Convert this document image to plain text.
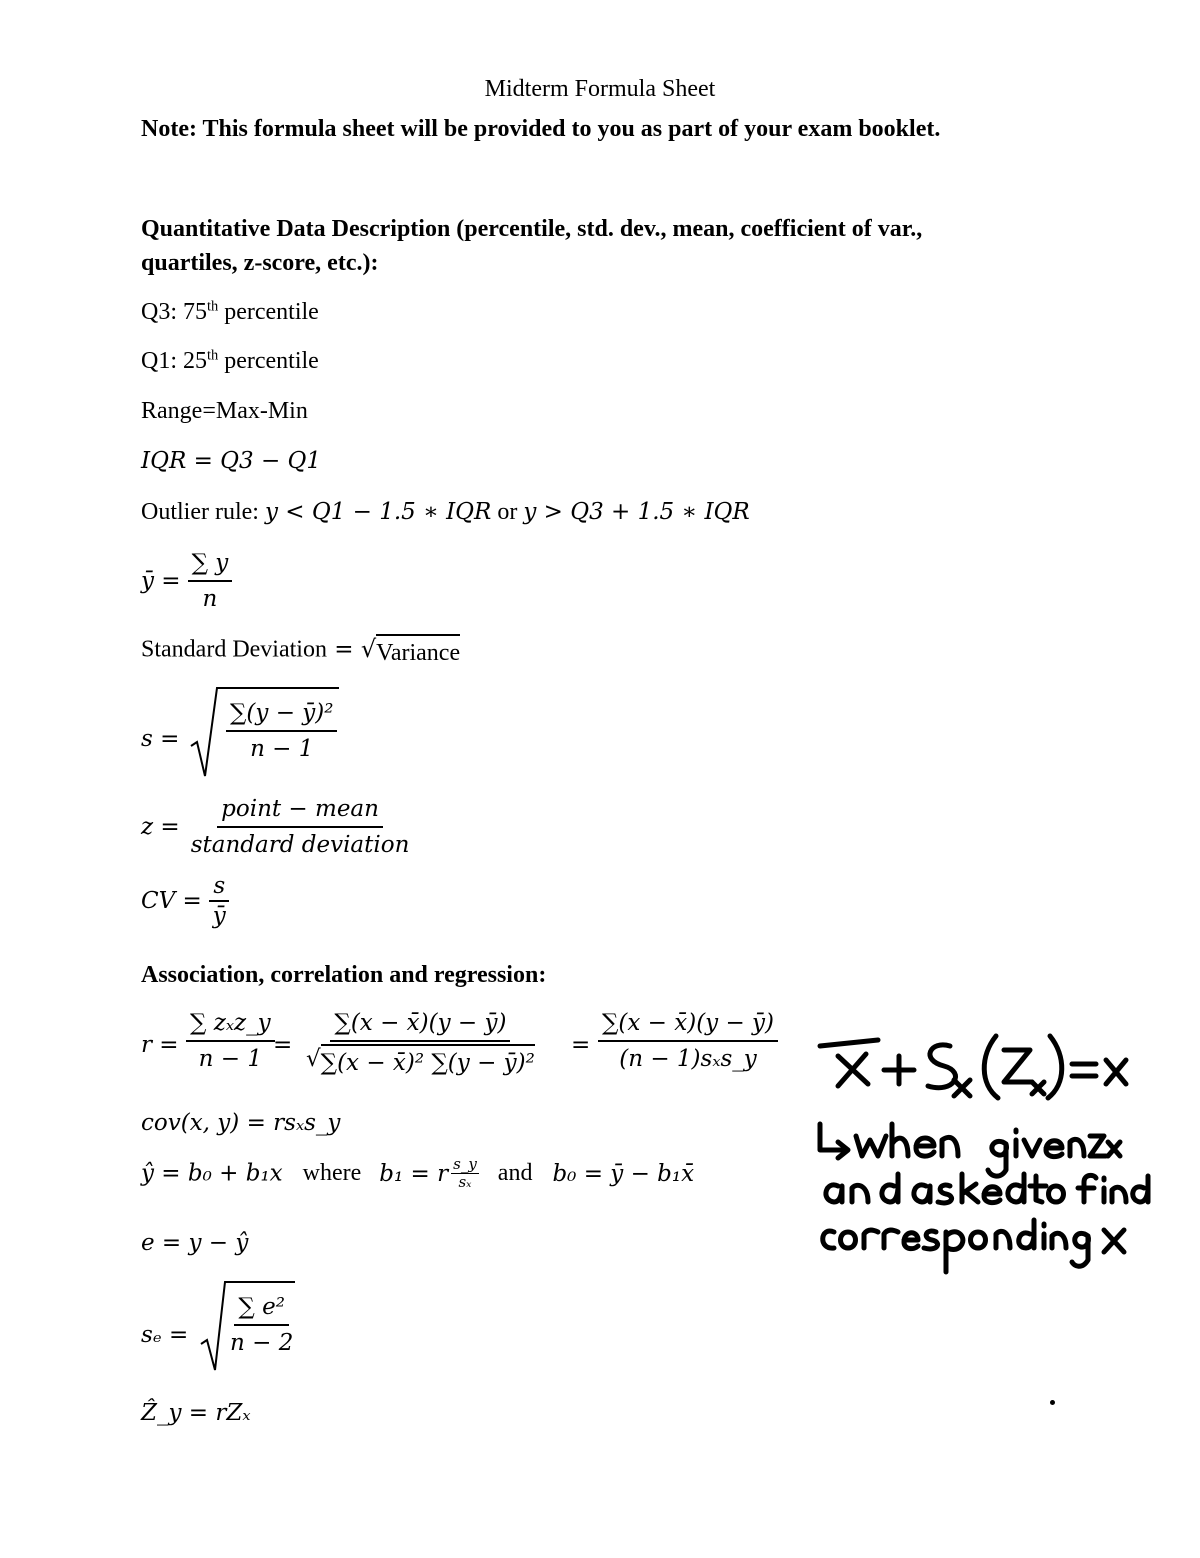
Midterm Formula Sheet
Note: This formula sheet will be provided to you as part of your exam booklet.
Quantitative Data Description (percentile, std. dev., mean, coefficient of var.,
quartiles, z-score, etc.):
Q3: 75th percentile
Q1: 25th percentile
Range=Max-Min
IQR = Q3 − Q1
Outlier rule: y < Q1 − 1.5 ∗ IQR or y > Q3 + 1.5 ∗ IQR
ȳ = $\frac{\sum y}{n}$
Standard Deviation = √ Variance
$s = \frac{\text{∑(y − ȳ)²}}{n - 1}$
$z = \frac{\text{point − mean}}{\text{standard deviation}}$
CV = $\frac{s}{ȳ}$
Association, correlation and regression:
r =
∑ zₓz_y
n − 1
= $\frac{\sum(x - x̄)(y - ȳ)}{\text{√ ∑(x − x̄)² ∑(y − ȳ)²}}$ =
∑(x − x̄)(y − ȳ)
(n − 1)sₓs_y
cov(x, y) = rsₓs_y
ŷ = b₀ + b₁x where b₁ = r $\frac{s\_y}{\text{sₓ}}$ and b₀ = ȳ − b₁x̄
e = y − ŷ
$s_e = \frac{\text{∑ e²}}{n - 2}$
Ẑ_y = rZₓ
